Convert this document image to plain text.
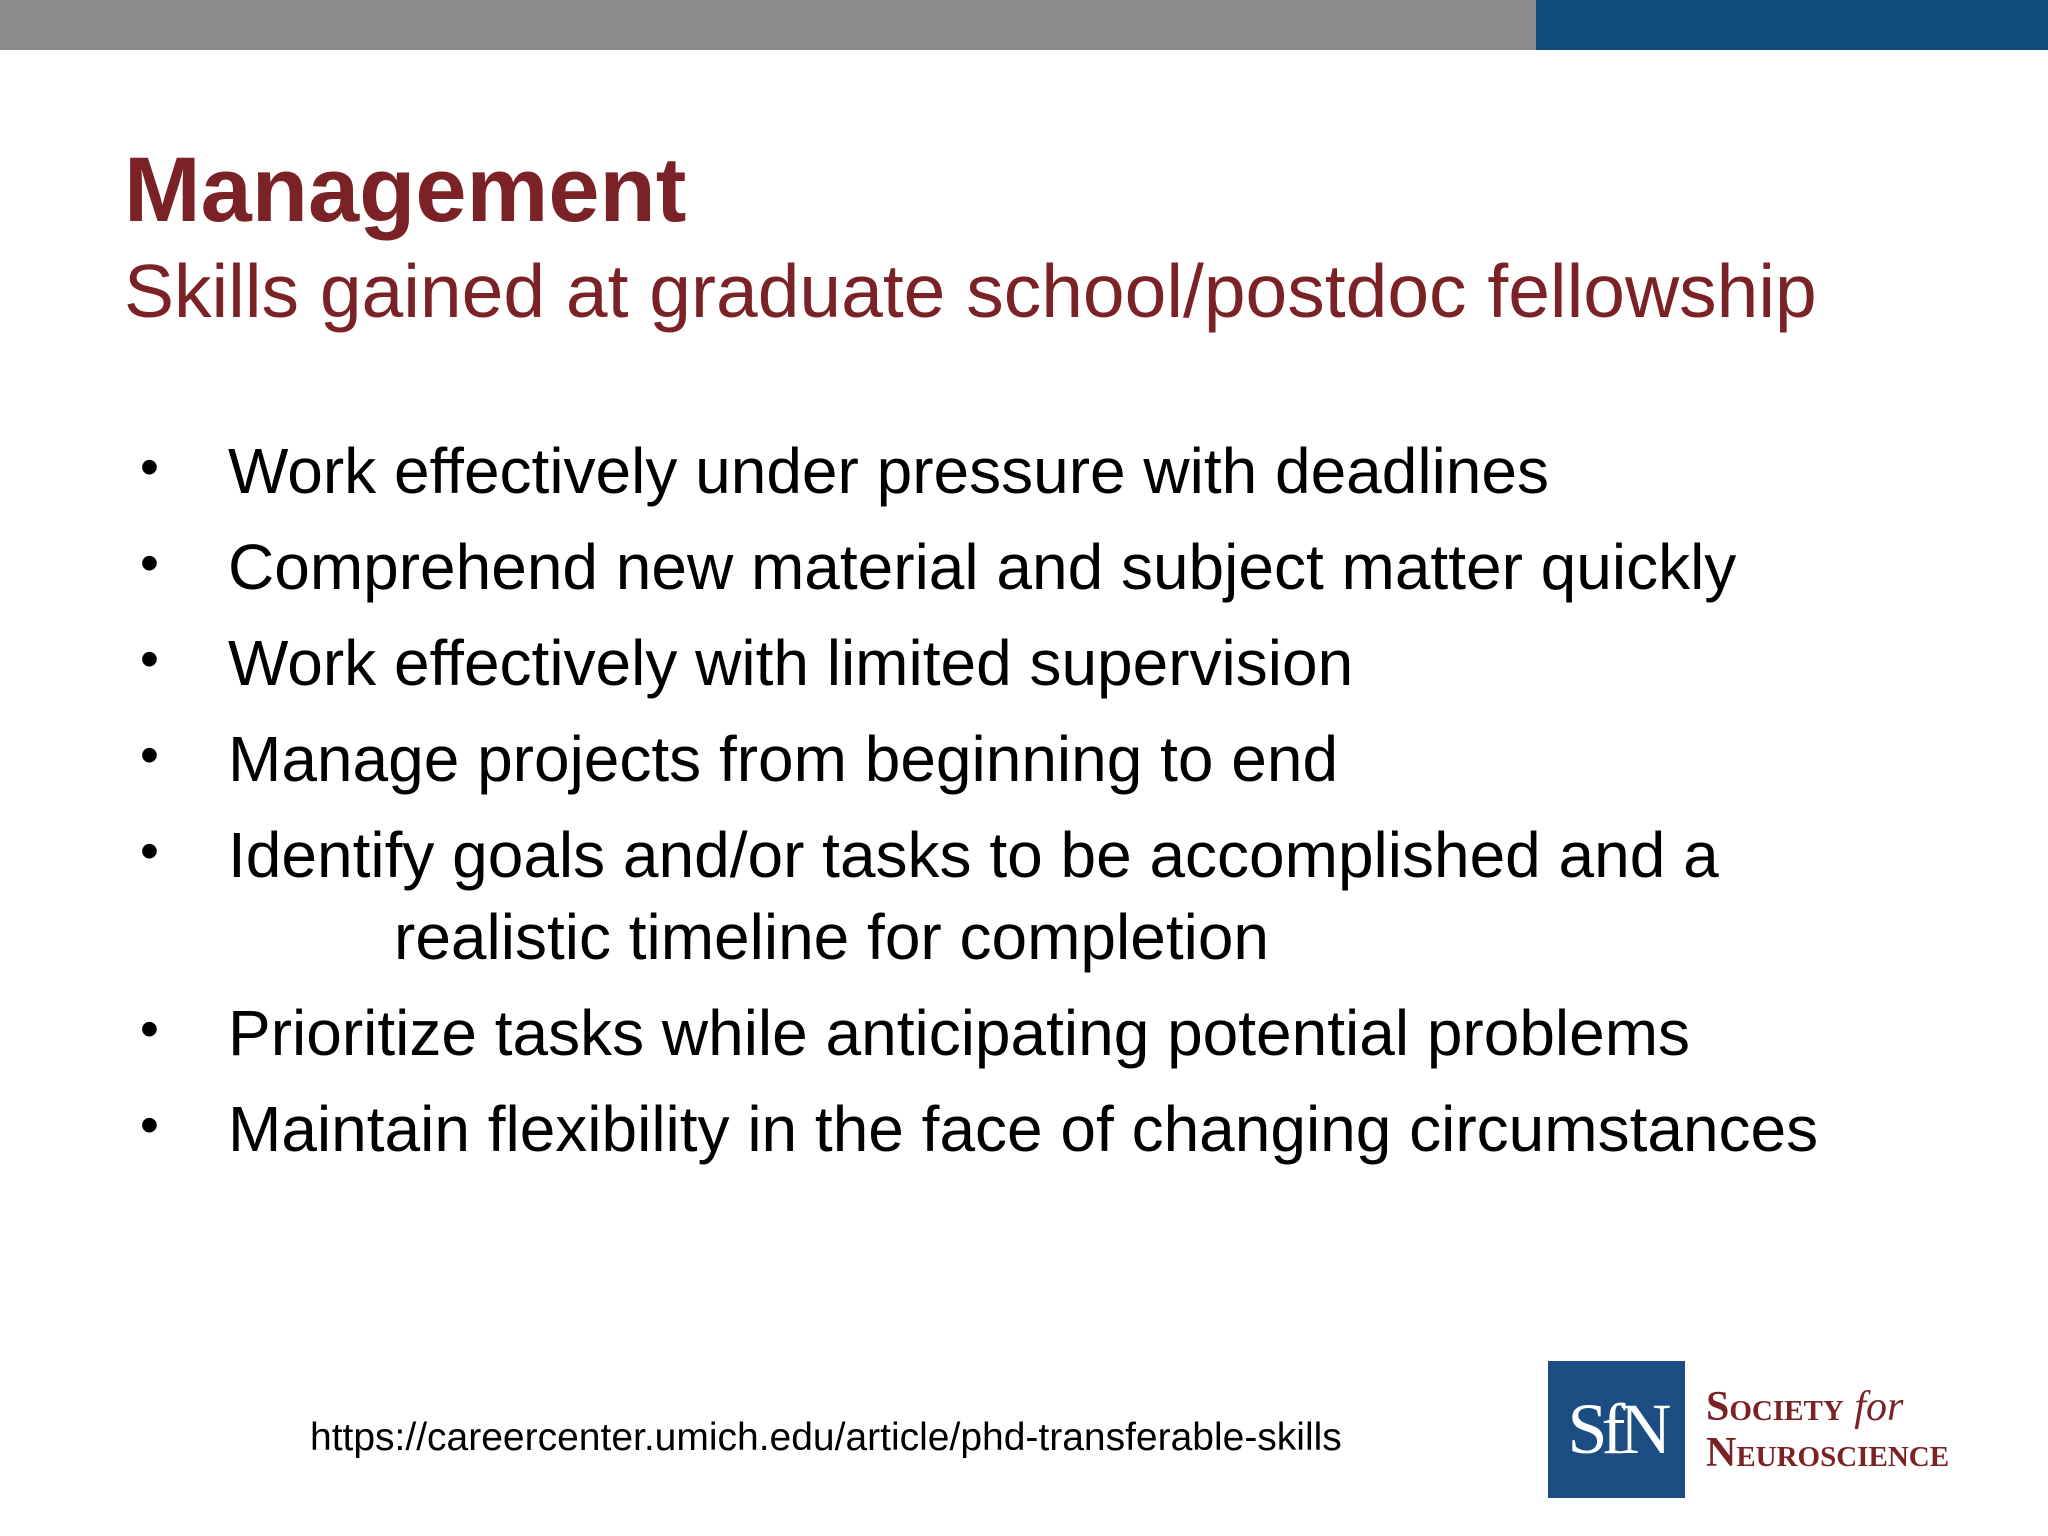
Management
Skills gained at graduate school/postdoc fellowship
• Work effectively under pressure with deadlines
• Comprehend new material and subject matter quickly
• Work effectively with limited supervision
• Manage projects from beginning to end
• Identify goals and/or tasks to be accomplished and a
realistic timeline for completion
• Prioritize tasks while anticipating potential problems
• Maintain flexibility in the face of changing circumstances
https://careercenter.umich.edu/article/phd-transferable-skills	SfN Society for
Neuroscience
